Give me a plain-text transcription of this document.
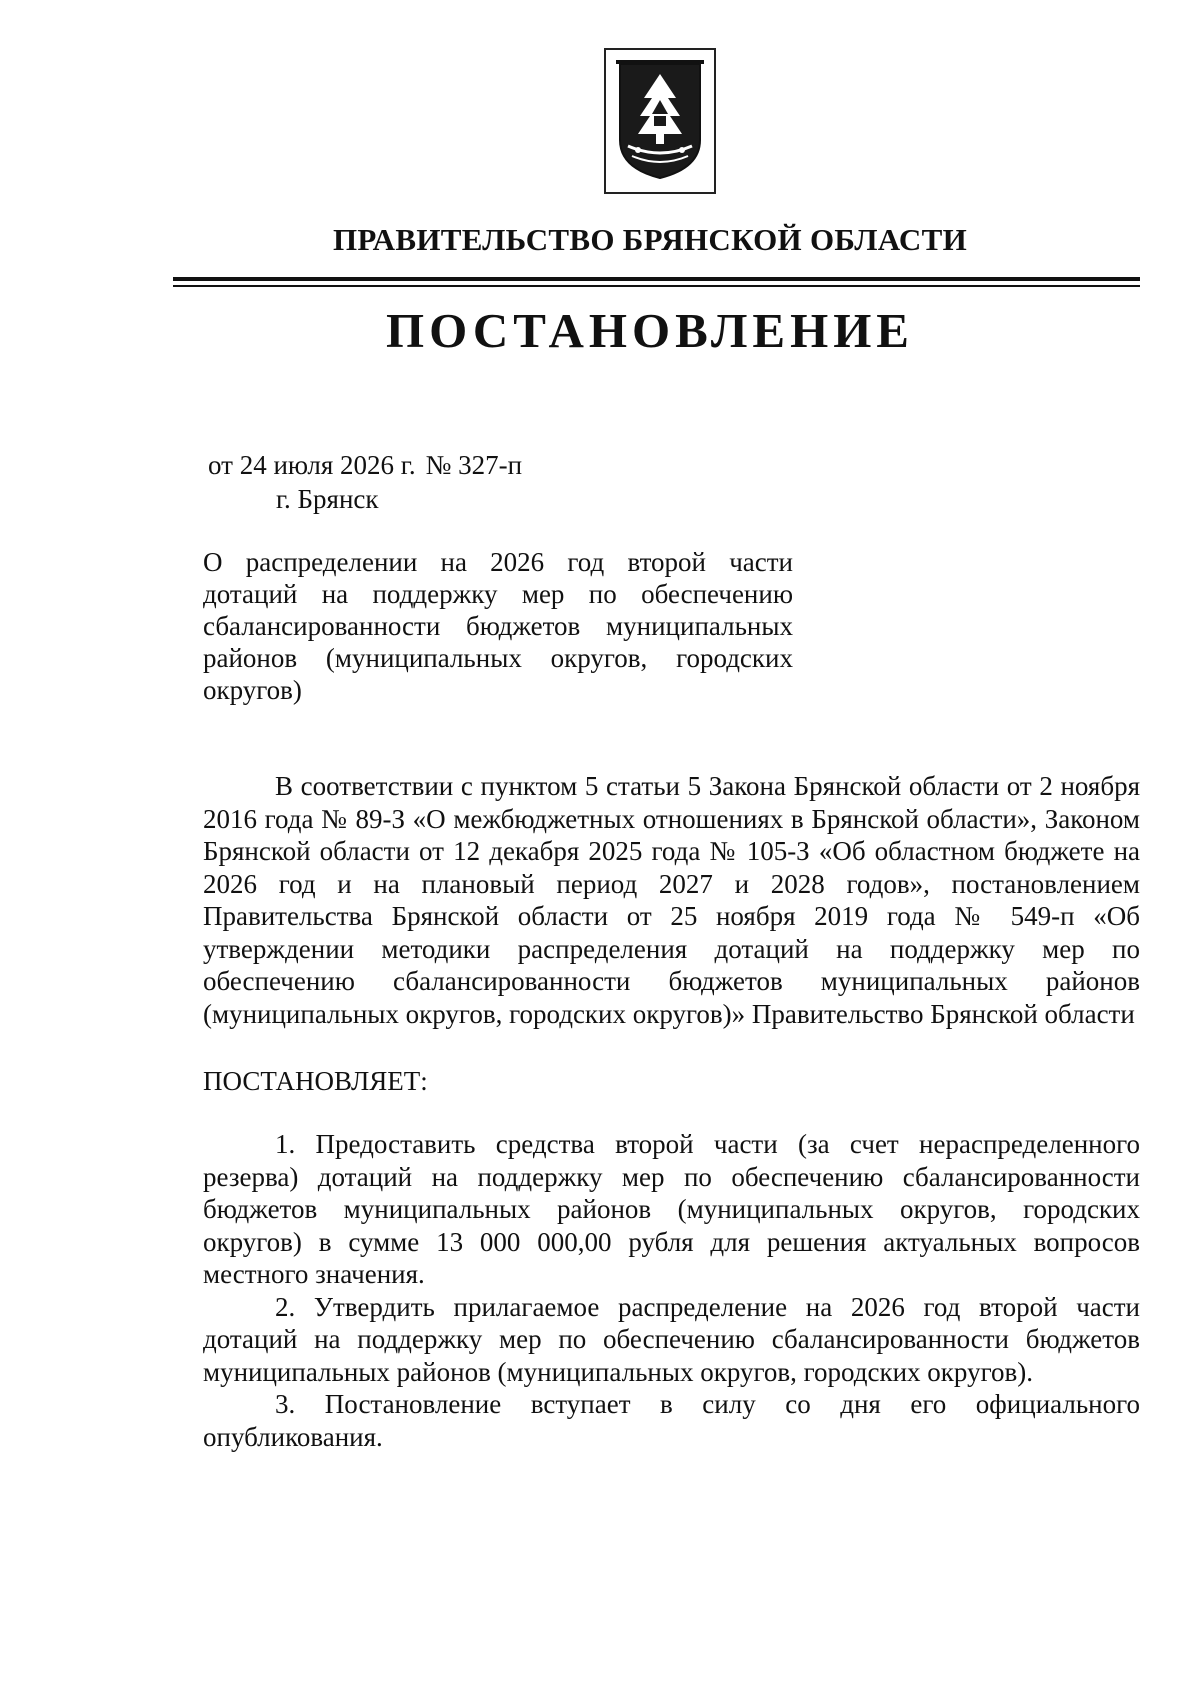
ПРАВИТЕЛЬСТВО БРЯНСКОЙ ОБЛАСТИ
ПОСТАНОВЛЕНИЕ
от 24 июля 2026 г. № 327-п
г. Брянск
О распределении на 2026 год второй части дотаций на поддержку мер по обеспечению сбалансированности бюджетов муниципальных районов (муниципальных округов, городских округов)

В соответствии с пунктом 5 статьи 5 Закона Брянской области от 2 ноября 2016 года № 89-З «О межбюджетных отношениях в Брянской области», Законом Брянской области от 12 декабря 2025 года № 105-З «Об областном бюджете на 2026 год и на плановый период 2027 и 2028 годов», постановлением Правительства Брянской области от 25 ноября 2019 года № 549-п «Об утверждении методики распределения дотаций на поддержку мер по обеспечению сбалансированности бюджетов муниципальных районов (муниципальных округов, городских округов)» Правительство Брянской области

ПОСТАНОВЛЯЕТ:

1. Предоставить средства второй части (за счет нераспределенного резерва) дотаций на поддержку мер по обеспечению сбалансированности бюджетов муниципальных районов (муниципальных округов, городских округов) в сумме 13 000 000,00 рубля для решения актуальных вопросов местного значения.

2. Утвердить прилагаемое распределение на 2026 год второй части дотаций на поддержку мер по обеспечению сбалансированности бюджетов муниципальных районов (муниципальных округов, городских округов).

3. Постановление вступает в силу со дня его официального опубликования.
